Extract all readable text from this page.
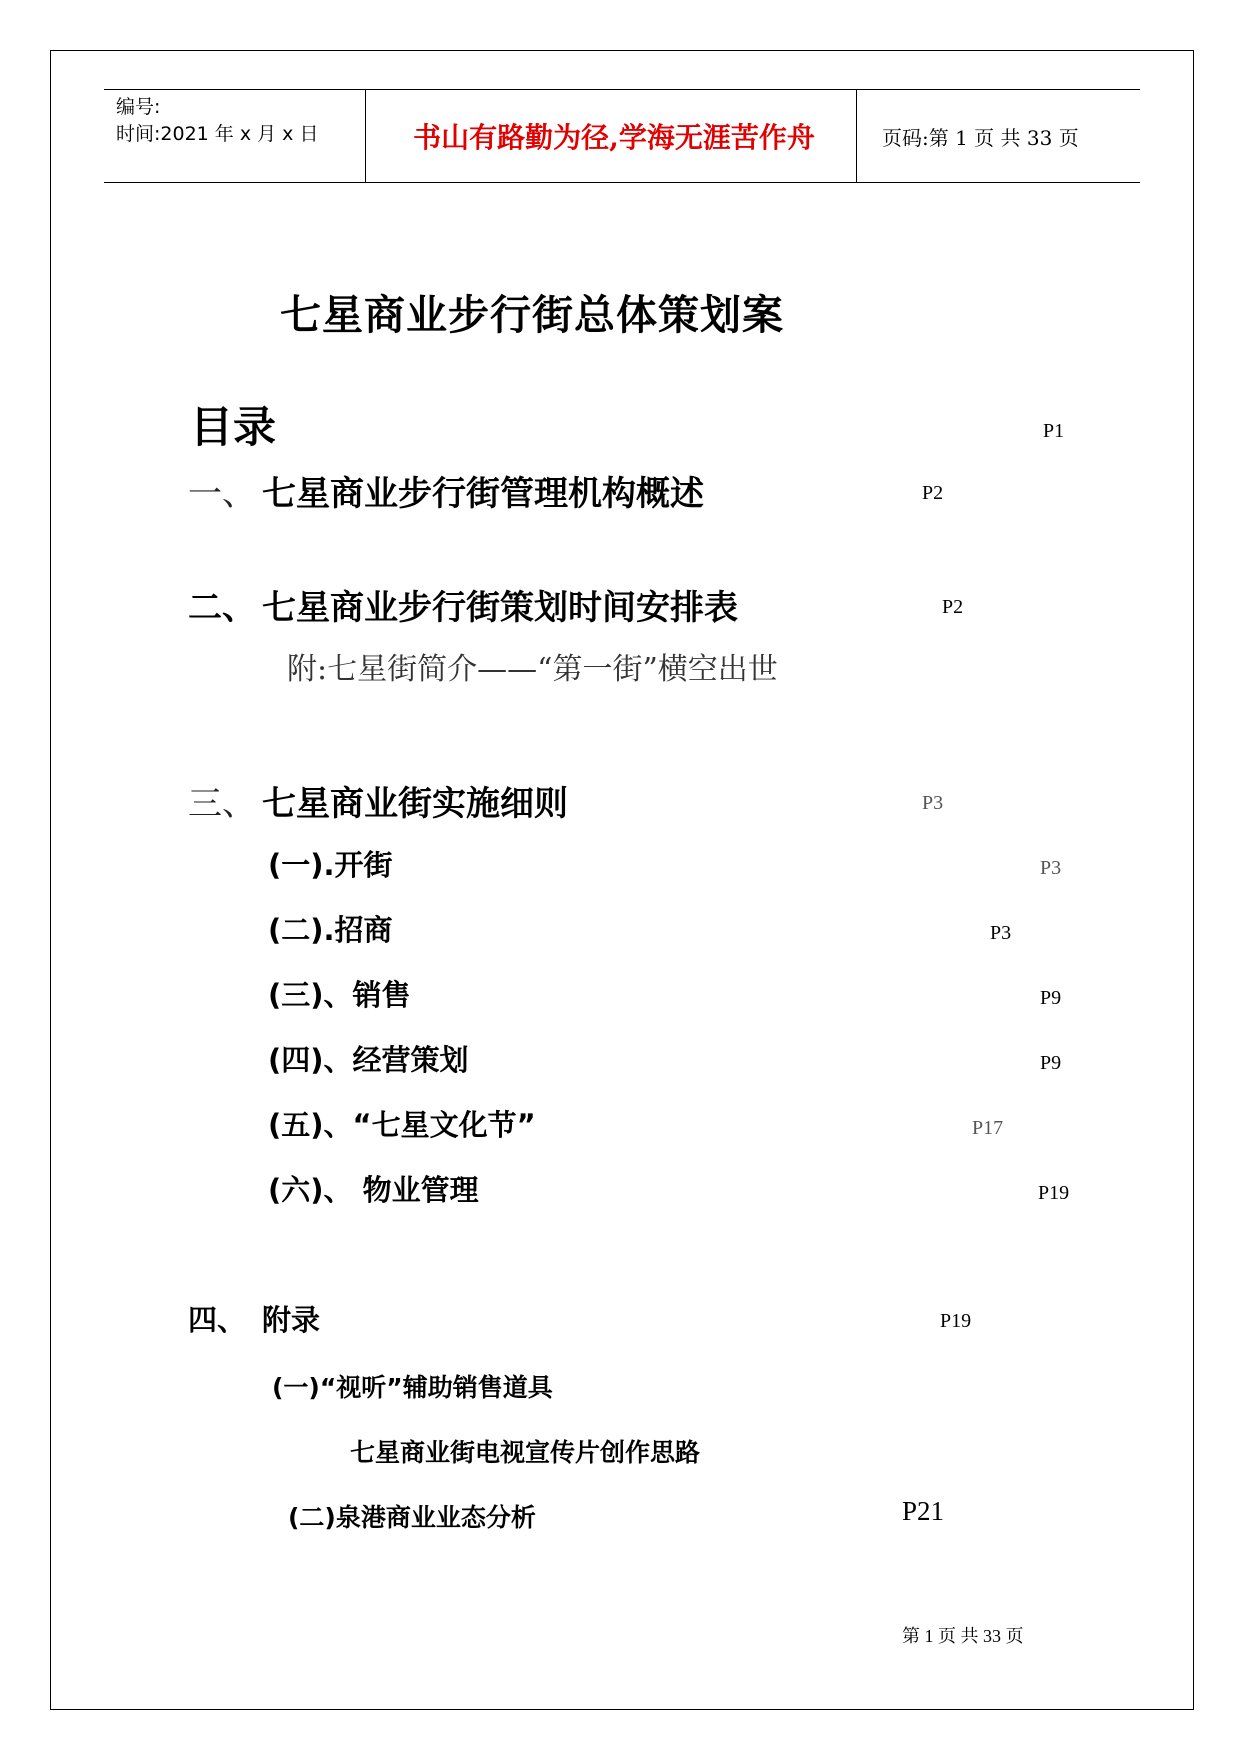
编号:
时间:2021 年 x 月 x 日	书山有路勤为径,学海无涯苦作舟	页码:第 1 页 共 33 页
七星商业步行街总体策划案
目录	P1
一、 七星商业步行街管理机构概述	P2
二、 七星商业步行街策划时间安排表	P2
附:七星街简介——“第一街”横空出世
三、 七星商业街实施细则	P3
(一).开街	P3
(二).招商	P3
(三)、销售	P9
(四)、经营策划	P9
(五)、“七星文化节”	P17
(六)、 物业管理	P19
四、 附录	P19
(一)“视听”辅助销售道具
七星商业街电视宣传片创作思路
(二)泉港商业业态分析	P21
第 1 页 共 33 页
